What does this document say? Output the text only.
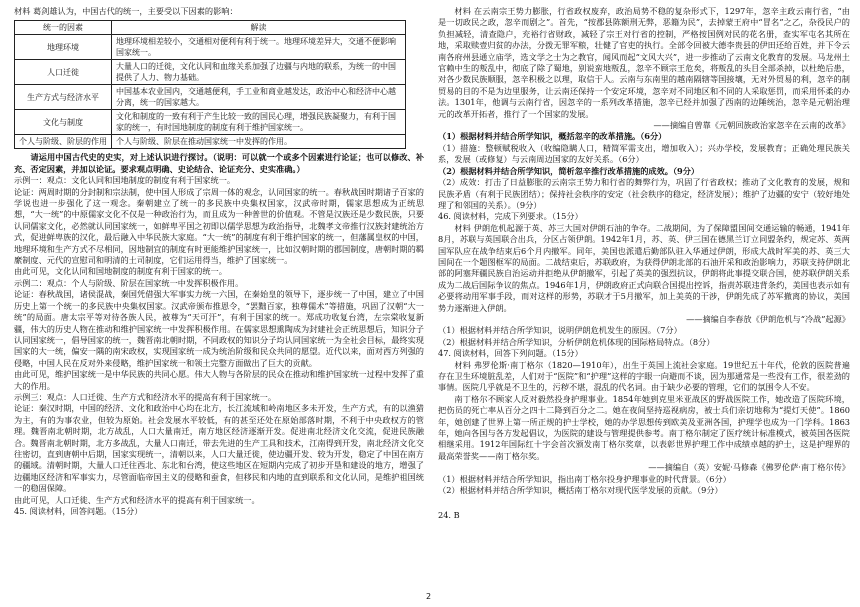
材料 葛剑雄认为，中国古代的统一，主要受以下因素的影响：

统一的因素	解读
地理环境	地理环境相差较小，交通相对便利有利于统一。地理环境差异大，交通不便影响国家统一。
人口迁徙	大量人口的迁徙，文化认同和血缘关系加强了边疆与内地的联系，为统一的中国提供了人力、物力基础。
生产方式与经济水平	中国基本农业国内，交通越便利，手工业和商业越发达，政治中心和经济中心越分离，统一的国家越大。
文化与制度	文化和制度的一致有利于产生比较一致的国民心理，增强民族凝聚力，有利于国家的统一，有时国地制度的制度有利于维护国家统一。
个人与阶级、阶层的作用	个人与阶级、阶层在推动国家统一中发挥的作用。

请运用中国古代史的史实，对上述认识进行探讨。（说明：可以就一个或多个因素进行论证；也可以修改、补充、否定因素，并加以论证。要求观点明确、史论结合、论证充分、史实准确。）

示例一：观点：文化认同和国地制度的制度有利于国家统一。

论证：两周时期的分封制和宗法制，使中国人形成了宗周一体的观念，认同国家的统一。春秋战国时期诸子百家的学说也进一步强化了这一观念。秦朝建立了统一的多民族中央集权国家，汉武帝时期，儒家思想成为正统思想，“大一统”的中原儒家文化不仅是一种政治行为，而且成为一种普世的价值观。不管是汉族还是少数民族，只要认同儒家文化，必然就认同国家统一，如鲜卑平国之初即以儒学思想为政治指导，北魏孝文帝推行汉族封建统治方式，促进鲜卑族的汉化，最后融入中华民族大家庭。“大一统”的制度有利于维护国家的统一，但藩属皇权的中国，地理环境和生产方式不尽相同，因地制宜的制度有时更能维护国家统一，比如汉朝时期的郡国制度，唐朝时期的羁縻制度、元代的宣慰司和明清的土司制度，它们运用得当，维护了国家统一。

由此可见，文化认同和国地制度的制度有利于国家的统一。

示例二：观点：个人与阶级、阶层在国家统一中发挥积极作用。

论证：春秋战国，诸侯混战，秦国凭借强大军事实力统一六国，在秦始皇的领导下，逐步统一了中国，建立了中国历史上第一个统一的多民族中央集权国家。汉武帝颁布推恩令，“罢黜百家，独尊儒术”等措施，巩固了汉朝“大一统”的局面。唐太宗平等对待各族人民，被尊为“天可汗”，有利于国家的统一。郑成功收复台湾，左宗棠收复新疆，伟大的历史人物在推动和维护国家统一中发挥积极作用。在儒家思想熏陶成为封建社会正统思想后，知识分子认同国家统一，倡导国家的统一，魏晋南北朝时期，不同政权的知识分子均认同国家统一为全社会目标，最终实现国家的大一统，偏安一隅的南宋政权，实现国家统一成为统治阶级和民众共同的愿望。近代以来，面对西方列强的侵略，中国人民在反对外来侵略，维护国家统一和领土完整方面做出了巨大的贡献。

由此可见，维护国家统一是中华民族的共同心愿。伟大人物与各阶层的民众在推动和维护国家统一过程中发挥了重大的作用。

示例三：观点：人口迁徙、生产方式和经济水平的提高有利于国家统一。

论证：秦汉时期，中国的经济、文化和政治中心均在北方，长江流域和岭南地区多未开发，生产方式，有的以渔猎为主，有的为事农业，但较为原始。社会发展水平较低，有的甚至还处在原始部落时期，不利于中央政权方的管理。魏晋南北朝时期，北方战乱，人口大量南迁，南方地区经济逐渐开发。促进南北经济文化交流，促进民族融合。魏晋南北朝时期，北方多战乱，大量人口南迁，带去先进的生产工具和技术，江南得到开发，南北经济文化交往密切，直到唐朝中后期，国家实现统一，清朝以来，人口大量迁徙，使边疆开发、较为开发，稳定了中国在南方的疆域。清朝时期，大量人口迁往西北、东北和台湾，使这些地区在短期内完成了初步开垦和建设的地方，增强了边疆地区经济和军事实力，尽管面临帝国主义的侵略和蚕食，但移民和内地的直到联系和文化认同，是维护祖国统一的稳固保障。

由此可见，人口迁徙、生产方式和经济水平的提高有利于国家统一。

45. 阅读材料，回答问题。（15分）

材料 在云南宗王势力膨胀，行省政权废弃，政治局势不稳的复杂形式下，1297年，忽辛主政云南行省，“由是一切政民之政，忽辛而剧之”。首先，“按郡县陈额刑无弊，恶籍为民”，去掉蒙王府中“冒名”之乙，杂役民户的负担减轻，清查隐户，充裕行省财政，减轻了宗王对行省的控制，严格按国例对民的花名册，查实军屯名其所在地，采取赎壹归贫的办法，分拨无罪军粮，壮健了官吏的执行。全部令回被大德李贵县的伊田还给百姓，并下令云南各府州县通立庙学，选文学之士为之教官，闻风而起“文风大兴”，进一步推动了云南文化教育的发展。马龙州土官赖中生的叛乱中，彻底了除了蜀地，别说蛮地叛乱，忽辛不顾宗王危矣，将叛乱的头目全部杀掉，以杜绝后患，对各少数民族顺服，忽辛积极之以理，取信于人。云南与东南里的越南隔辖等国接壤，无对外贸易的利，忽辛的制贸易的目的不是为边里服务，让云南还保持一个安定环境，忽辛对不同地区和不同的人采取惩罚，而采用怀柔的办法。1301年，他调与云南行省，因忽辛的一系列改革措施，忽辛已经并加强了西南的边陲统治，忽辛是元朝治理元的改革开拓者，推行了一个国家的发展。

——摘编自曾靠《元朝回族政治家忽辛在云南的改革》

（1）根据材料并结合所学知识，概括忽辛的改革措施。（6分）

（1）措施：整顿赋税收入（收编隐瞒人口，精简军需支出，增加收入）；兴办学校，发展教育；正确处理民族关系，发展（或修复）与云南周边国家的友好关系。（6分）

（2）根据材料并结合所学知识，简析忽辛推行改革措施的成效。（9分）

（2）成效：打击了日益膨胀的云南宗王势力和行省的舞弊行为，巩固了行省政权；推动了文化教育的发展，规和民族矛盾（有利于民族团结）；保持社会秩序的安定（社会秩序的稳定，经济发展）；维护了边疆的安宁（较好地处理了和邻国的关系）。（9分）

46. 阅读材料，完成下列要求。（15分）

材料 伊朗危机起源于英、苏三大国对伊朗石油的争夺。二战期间，为了保障盟国间交通运输的畅通，1941年8月，苏联与英国联合出兵，分区占领伊朗。1942年1月，苏、英、伊三国在德黑兰订立同盟条约，规定苏、英两国军队应在战争结束后6个月内撤军。同年，美国也派遣后勤部队驻入华通过伊朗，形成大战时军美的苏、英三大国间在一个题图框军的局面。二战结束后，苏联政府，为获得伊朗北部的石油开采和政治影响力，苏联支持伊朗北部的阿塞拜疆民族自治运动并拒绝从伊朗撤军，引起了英美的强烈抗议，伊朗将此事提交联合国，使苏联伊朗关系成为二战后国际争议的焦点。1946年1月，伊朗政府正式向联合国提出控诉，指责苏联违背条约，美国也表示如有必要将动用军事手段，而对这样的形势，苏联才于5月撤军，加上美英的干涉，伊朗先成了苏军撤离的协议，美国势力逐渐进入伊朗。

——摘编自李春放《伊朗危机与“冷战”起源》

（1）根据材料并结合所学知识，说明伊朗危机发生的原因。（7分）

（2）根据材料并结合所学知识，分析伊朗危机体现的国际格局特点。（8分）

47. 阅读材料，回答下列问题。（15分）

材料 弗罗伦斯·南丁格尔（1820—1910年），出生于英国上流社会家庭。19世纪五十年代，伦敦的医院普遍存在卫生环境脏乱差，人们对于“医院”和“护理”这样的字眼一向避而不谈，因为那通常是一些没有工作，很差劲的事情。医院几乎就是不卫生的，污秽不堪，混乱的代名词。由于缺少必要的管理，它们的氛围令人不安。

南丁格尔不顾家人反对毅然投身护理事业。1854年她到克里米亚战区的野战医院工作，她改造了医院环境，把伤员的死亡率从百分之四十二降到百分之二。她在夜间坚持巡视病房，被士兵们亲切地称为“提灯天使”。1860年，她创建了世界上第一所正规的护士学校，她的办学思想传到欧美及亚洲各国，护理学也成为一门学科。1863年，她向各国与各方发起倡议，为医院的建设与管理提供参考。南丁格尔制定了医疗统计标准模式，被英国各医院相继采用。1912年国际红十字会首次颁发南丁格尔奖章，以表彰世界护理工作中成绩卓越的护士，这是护理界的最高荣誉奖——南丁格尔奖。

——摘编自（英）安妮·马修森《佛罗伦萨·南丁格尔传》

（1）根据材料并结合所学知识，指出南丁格尔投身护理事业的时代背景。（6分）

（2）根据材料并结合所学知识，概括南丁格尔对现代医学发展的贡献。（9分）

24. B

2
